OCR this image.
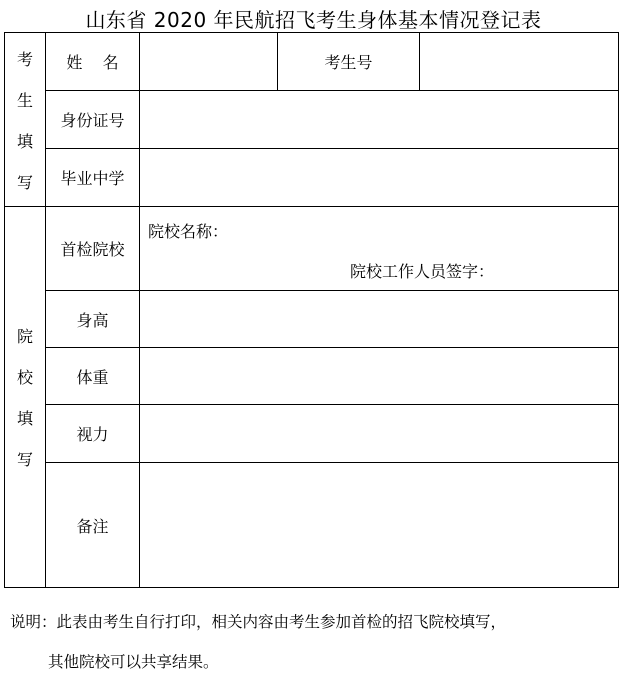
山东省 2020 年民航招飞考生身体基本情况登记表
考
生
填
写	姓    名		考生号	
	身份证号			
	毕业中学			

院
校
填
写	首检院校	院校名称：
院校工作人员签字：		

	身高			
	体重			
	视力			
	备注			
说明：此表由考生自行打印，相关内容由考生参加首检的招飞院校填写，
其他院校可以共享结果。
